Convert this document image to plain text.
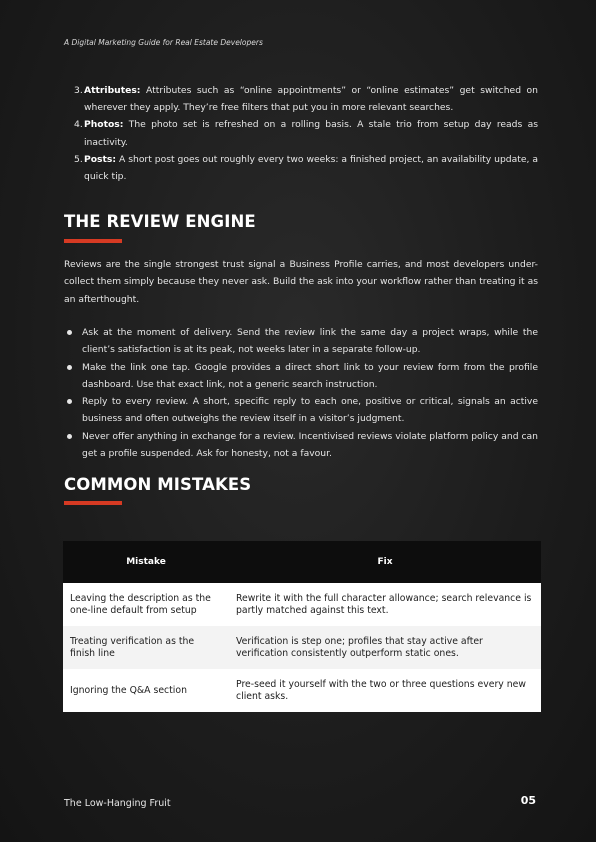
A Digital Marketing Guide for Real Estate Developers
3. Attributes: Attributes such as “online appointments” or “online estimates” get switched on wherever they apply. They’re free filters that put you in more relevant searches.
4. Photos: The photo set is refreshed on a rolling basis. A stale trio from setup day reads as inactivity.
5. Posts: A short post goes out roughly every two weeks: a finished project, an availability update, a quick tip.
THE REVIEW ENGINE

Reviews are the single strongest trust signal a Business Profile carries, and most developers under-collect them simply because they never ask. Build the ask into your workflow rather than treating it as an afterthought.

Ask at the moment of delivery. Send the review link the same day a project wraps, while the client’s satisfaction is at its peak, not weeks later in a separate follow-up.
Make the link one tap. Google provides a direct short link to your review form from the profile dashboard. Use that exact link, not a generic search instruction.
Reply to every review. A short, specific reply to each one, positive or critical, signals an active business and often outweighs the review itself in a visitor’s judgment.
Never offer anything in exchange for a review. Incentivised reviews violate platform policy and can get a profile suspended. Ask for honesty, not a favour.
COMMON MISTAKES
Mistake	Fix
Leaving the description as the one-line default from setup	Rewrite it with the full character allowance; search relevance is partly matched against this text.
Treating verification as the finish line	Verification is step one; profiles that stay active after verification consistently outperform static ones.
Ignoring the Q&A section	Pre-seed it yourself with the two or three questions every new client asks.
The Low-Hanging Fruit	05
